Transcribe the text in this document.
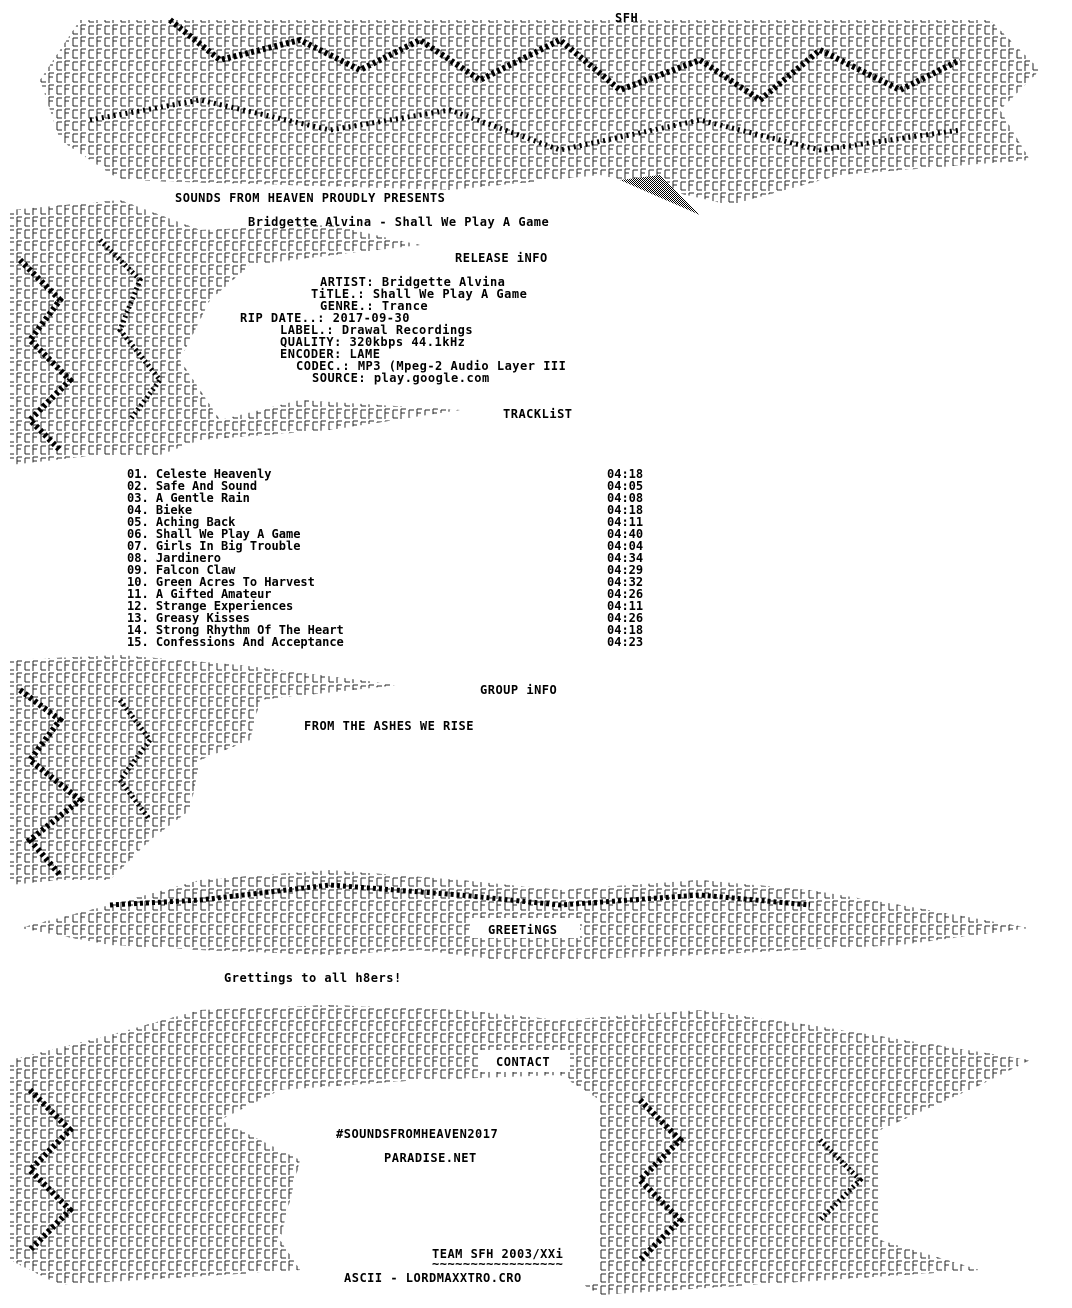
SFH
SOUNDS FROM HEAVEN PROUDLY PRESENTS
Bridgette Alvina - Shall We Play A Game
RELEASE iNFO
ARTIST: Bridgette Alvina
TiTLE.: Shall We Play A Game
GENRE.: Trance
RIP DATE..: 2017-09-30
LABEL.: Drawal Recordings
QUALITY: 320kbps 44.1kHz
ENCODER: LAME
CODEC.: MP3 (Mpeg-2 Audio Layer III
SOURCE: play.google.com
TRACKLiST
01. Celeste Heavenly	04:18
02. Safe And Sound	04:05
03. A Gentle Rain	04:08
04. Bieke	04:18
05. Aching Back	04:11
06. Shall We Play A Game	04:40
07. Girls In Big Trouble	04:04
08. Jardinero	04:34
09. Falcon Claw	04:29
10. Green Acres To Harvest	04:32
11. A Gifted Amateur	04:26
12. Strange Experiences	04:11
13. Greasy Kisses	04:26
14. Strong Rhythm Of The Heart	04:18
15. Confessions And Acceptance	04:23
GROUP iNFO
FROM THE ASHES WE RISE
GREETiNGS
Grettings to all h8ers!
CONTACT
#SOUNDSFROMHEAVEN2017
PARADISE.NET
TEAM SFH 2003/XXi
~~~~~~~~~~~~~~~~~
ASCII - LORDMAXXTRO.CRO
